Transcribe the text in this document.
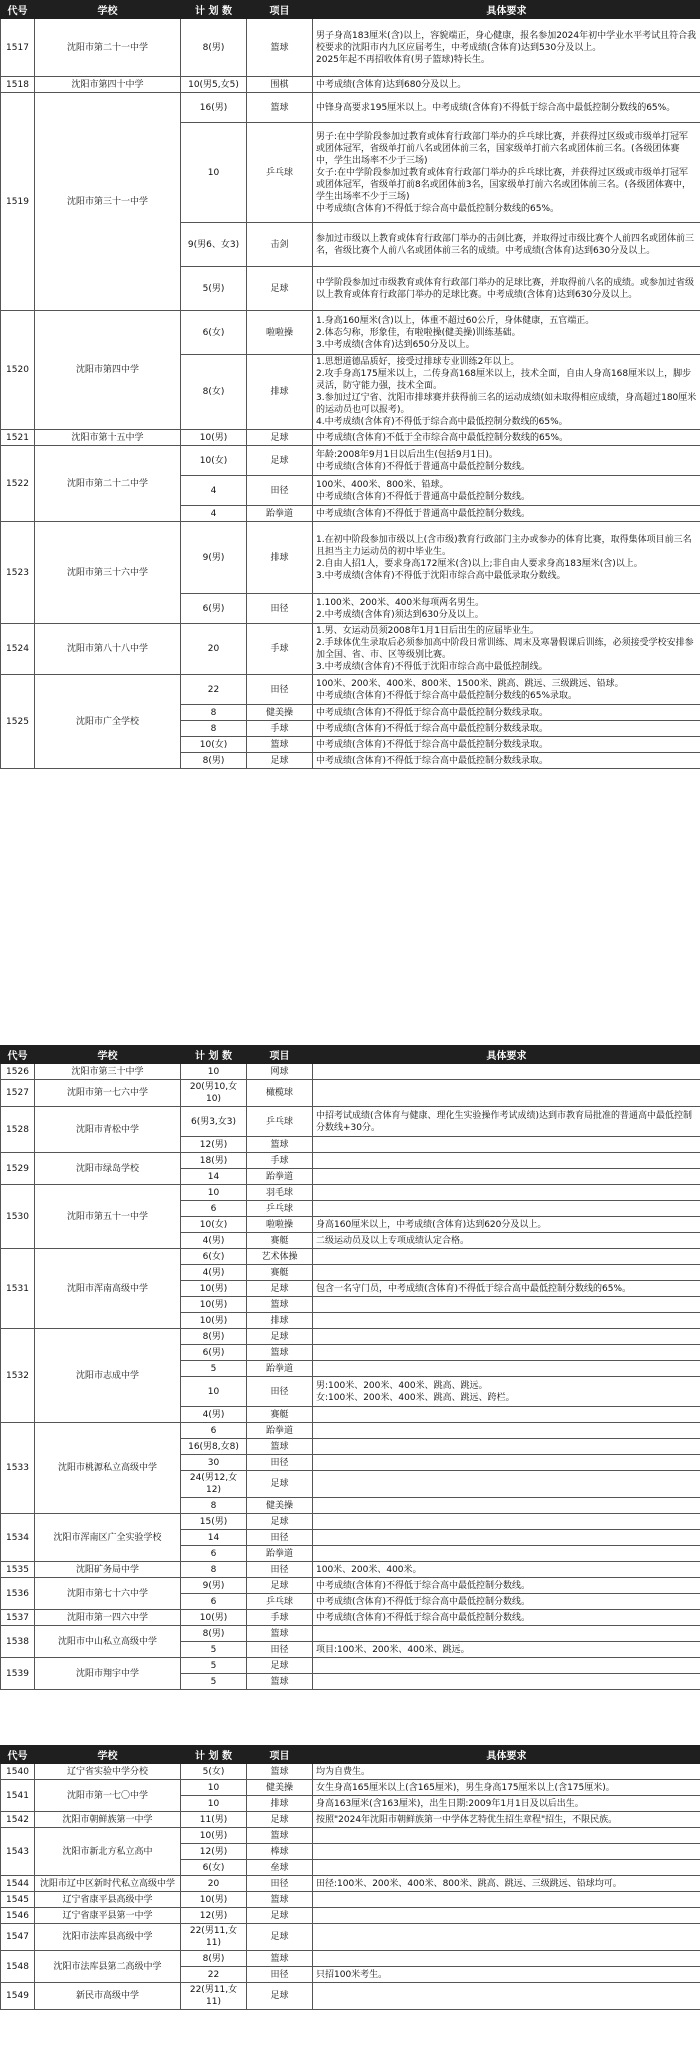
代号	学校	计 划 数	项目	具体要求
1517	沈阳市第二十一中学	8(男)	篮球	男子身高183厘米(含)以上，容貌端正，身心健康，报名参加2024年初中学业水平考试且符合我校要求的沈阳市内九区应届考生，中考成绩(含体育)达到530分及以上。
2025年起不再招收体育(男子篮球)特长生。
1518	沈阳市第四十中学	10(男5,女5)	围棋	中考成绩(含体育)达到680分及以上。
1519	沈阳市第三十一中学	16(男)	篮球	中锋身高要求195厘米以上。中考成绩(含体育)不得低于综合高中最低控制分数线的65%。
		10	乒乓球	男子:在中学阶段参加过教育或体育行政部门举办的乒乓球比赛，并获得过区级或市级单打冠军或团体冠军，省级单打前八名或团体前三名，国家级单打前六名或团体前三名。(各级团体赛中，学生出场率不少于三场)
女子:在中学阶段参加过教育或体育行政部门举办的乒乓球比赛，并获得过区级或市级单打冠军或团体冠军，省级单打前8名或团体前3名，国家级单打前六名或团体前三名。(各级团体赛中，学生出场率不少于三场)
中考成绩(含体育)不得低于综合高中最低控制分数线的65%。
		9(男6、女3)	击剑	参加过市级以上教育或体育行政部门举办的击剑比赛，并取得过市级比赛个人前四名或团体前三名，省级比赛个人前八名或团体前三名的成绩。中考成绩(含体育)达到630分及以上。
		5(男)	足球	中学阶段参加过市级教育或体育行政部门举办的足球比赛，并取得前八名的成绩。或参加过省级以上教育或体育行政部门举办的足球比赛。中考成绩(含体育)达到630分及以上。
1520	沈阳市第四中学	6(女)	啦啦操	1.身高160厘米(含)以上，体重不超过60公斤，身体健康，五官端正。
2.体态匀称，形象佳，有啦啦操(健美操)训练基础。
3.中考成绩(含体育)达到650分及以上。
		8(女)	排球	1.思想道德品质好，接受过排球专业训练2年以上。
2.攻手身高175厘米以上，二传身高168厘米以上，技术全面，自由人身高168厘米以上，脚步灵活，防守能力强，技术全面。
3.参加过辽宁省、沈阳市排球赛并获得前三名的运动成绩(如未取得相应成绩，身高超过180厘米的运动员也可以报考)。
4.中考成绩(含体育)不得低于综合高中最低控制分数线的65%。
1521	沈阳市第十五中学	10(男)	足球	中考成绩(含体育)不低于全市综合高中最低控制分数线的65%。
1522	沈阳市第二十二中学	10(女)	足球	年龄:2008年9月1日以后出生(包括9月1日)。
中考成绩(含体育)不得低于普通高中最低控制分数线。
		4	田径	100米、400米、800米、铅球。
中考成绩(含体育)不得低于普通高中最低控制分数线。
		4	跆拳道	中考成绩(含体育)不得低于普通高中最低控制分数线。
1523	沈阳市第三十六中学	9(男)	排球	1.在初中阶段参加市级以上(含市级)教育行政部门主办或参办的体育比赛，取得集体项目前三名且担当主力运动员的初中毕业生。
2.自由人招1人，要求身高172厘米(含)以上;非自由人要求身高183厘米(含)以上。
3.中考成绩(含体育)不得低于沈阳市综合高中最低录取分数线。
		6(男)	田径	1.100米、200米、400米每项两名男生。
2.中考成绩(含体育)须达到630分及以上。
1524	沈阳市第八十八中学	20	手球	1.男、女运动员须2008年1月1日后出生的应届毕业生。
2.手球体优生录取后必须参加高中阶段日常训练、周末及寒暑假课后训练，必须接受学校安排参加全国、省、市、区等级别比赛。
3.中考成绩(含体育)不得低于沈阳市综合高中最低控制线。
1525	沈阳市广全学校	22	田径	100米、200米、400米、800米、1500米、跳高、跳远、三级跳远、铅球。
中考成绩(含体育)不得低于综合高中最低控制分数线的65%录取。
		8	健美操	中考成绩(含体育)不得低于综合高中最低控制分数线录取。
		8	手球	中考成绩(含体育)不得低于综合高中最低控制分数线录取。
		10(女)	篮球	中考成绩(含体育)不得低于综合高中最低控制分数线录取。
		8(男)	足球	中考成绩(含体育)不得低于综合高中最低控制分数线录取。
代号	学校	计 划 数	项目	具体要求
1526	沈阳市第三十中学	10	网球	
1527	沈阳市第一七六中学	20(男10,女10)	橄榄球	
1528	沈阳市青松中学	6(男3,女3)	乒乓球	中招考试成绩(含体育与健康、理化生实验操作考试成绩)达到市教育局批准的普通高中最低控制分数线+30分。
		12(男)	篮球	
1529	沈阳市绿岛学校	18(男)	手球	
		14	跆拳道	
1530	沈阳市第五十一中学	10	羽毛球	
		6	乒乓球	
		10(女)	啦啦操	身高160厘米以上，中考成绩(含体育)达到620分及以上。
		4(男)	赛艇	二级运动员及以上专项成绩认定合格。
1531	沈阳市浑南高级中学	6(女)	艺术体操	
		4(男)	赛艇	
		10(男)	足球	包含一名守门员，中考成绩(含体育)不得低于综合高中最低控制分数线的65%。
		10(男)	篮球	
		10(男)	排球	
1532	沈阳市志成中学	8(男)	足球	
		6(男)	篮球	
		5	跆拳道	
		10	田径	男:100米、200米、400米、跳高、跳远。
女:100米、200米、400米、跳高、跳远、跨栏。
		4(男)	赛艇	
1533	沈阳市桃源私立高级中学	6	跆拳道	
		16(男8,女8)	篮球	
		30	田径	
		24(男12,女12)	足球	
		8	健美操	
1534	沈阳市浑南区广全实验学校	15(男)	足球	
		14	田径	
		6	跆拳道	
1535	沈阳矿务局中学	8	田径	100米、200米、400米。
1536	沈阳市第七十六中学	9(男)	足球	中考成绩(含体育)不得低于综合高中最低控制分数线。
		6	乒乓球	中考成绩(含体育)不得低于综合高中最低控制分数线。
1537	沈阳市第一四六中学	10(男)	手球	中考成绩(含体育)不得低于综合高中最低控制分数线。
1538	沈阳市中山私立高级中学	8(男)	篮球	
		5	田径	项目:100米、200米、400米、跳远。
1539	沈阳市翔宇中学	5	足球	
		5	篮球	
代号	学校	计 划 数	项目	具体要求
1540	辽宁省实验中学分校	5(女)	篮球	均为自费生。
1541	沈阳市第一七〇中学	10	健美操	女生身高165厘米以上(含165厘米)，男生身高175厘米以上(含175厘米)。
		10	排球	身高163厘米(含163厘米)，出生日期:2009年1月1日及以后出生。
1542	沈阳市朝鲜族第一中学	11(男)	足球	按照"2024年沈阳市朝鲜族第一中学体艺特优生招生章程"招生，不限民族。
1543	沈阳市新北方私立高中	10(男)	篮球	
		12(男)	棒球	
		6(女)	垒球	
1544	沈阳市辽中区新时代私立高级中学	20	田径	田径:100米、200米、400米、800米、跳高、跳远、三级跳远、铅球均可。
1545	辽宁省康平县高级中学	10(男)	篮球	
1546	辽宁省康平县第一中学	12(男)	足球	
1547	沈阳市法库县高级中学	22(男11,女11)	足球	
1548	沈阳市法库县第二高级中学	8(男)	篮球	
		22	田径	只招100米考生。
1549	新民市高级中学	22(男11,女11)	足球	
